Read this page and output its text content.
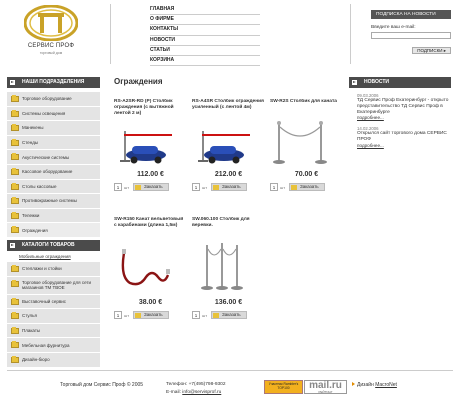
СЕРВИС ПРОФ
торговый дом
ГЛАВНАЯ
О ФИРМЕ
КОНТАКТЫ
НОВОСТИ
СТАТЬИ
КОРЗИНА
ПОДПИСКА НА НОВОСТИ
Введите ваш e-mail:
ПОДПИСКИ ▸
НАШИ ПОДРАЗДЕЛЕНИЯ
Торговое оборудование
Системы освещения
Манекены
Стенды
Акустические системы
Кассовое оборудование
Столы кассовые
Противокражные системы
Тележки
Ограждения
КАТАЛОГИ ТОВАРОВ
Мобильные ограждения
Стеллажи и стойки
Торговое оборудование для сети магазинов ТМ ТВОЕ
Выставочный сервис
Стулья
Плакаты
Мебельная фурнитура
Дизайн-бюро
Ограждения
RS-A2SR-RD (P) Столбик ограждения (с вытяжной лентой 2 м)
112.00 €
1	шт	Заказать
RS-A4SR Столбик ограждения усиленный (с лентой 4м)
212.00 €
1	шт	Заказать
SW-R2S Столбик для каната
70.00 €
1	шт	Заказать
SW-R150 Канат вельветовый с карабинами (длина 1,5м)
38.00 €
1	шт	Заказать
SW.060.100 Столбик для веревки.
136.00 €
1	шт	Заказать
НОВОСТИ
09.03.2006
ТД Сервис Проф Екатеринбург - открыто представительство ТД Сервис Проф в Екатеринбурге
подробнее...
14.02.2006
Открылся сайт торгового дома СЕРВИС ПРОФ
подробнее...
Торговый дом Сервис Проф © 2005	Телефон: +7(495)798-9302
E-mail: info@servisprof.ru
Участник Rambler's TOP100	mail.ru
РЕЙТИНГ
Дизайн MacroNet
